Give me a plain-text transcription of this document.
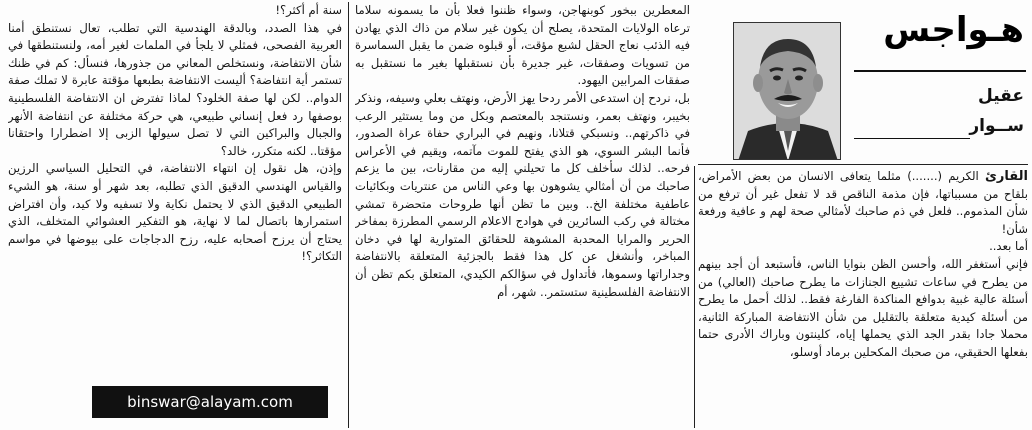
هـواجس
عقيل
ســوار

القارئ الكريم (.......) مثلما يتعافى الانسان من بعض الأمراض، بلقاح من مسبباتها، فإن مذمة الناقص قد لا تفعل غير أن ترفع من شأن المذموم.. فلعل في ذم صاحبك لأمثالي صحة لهم و عافية ورفعة شأن!

أما بعد..

فإني أستغفر الله، وأحسن الظن بنوايا الناس، فأستبعد أن أجد بينهم من يطرح في ساعات تشييع الجنازات ما يطرح صاحبك (العالي) من أسئلة عالية غبية بدوافع المناكدة الفارغة فقط.. لذلك أحمل ما يطرح من أسئلة كيدية متعلقة بالتقليل من شأن الانتفاضة المباركة الثانية، محملا جادا بقدر الجد الذي يحملها إياه، كلينتون وباراك الأدرى حتما بفعلها الحقيقي، من صحبك المكحلين برماد أوسلو،

المعطرين ببخور كوبنهاجن، وسواء ظننوا فعلا بأن ما يسمونه سلاما ترعاه الولايات المتحدة، يصلح أن يكون غير سلام من ذاك الذي يهادن فيه الذئب نعاج الحقل لشبع مؤقت، أو قبلوه ضمن ما يقبل السماسرة من تسويات وصفقات، غير جديرة بأن نستقبلها بغير ما نستقبل به صفقات المرابين اليهود.

بل، نردح إن استدعى الأمر ردحا يهز الأرض، ونهتف بعلي وسيفه، ونذكر بخيبر، ونهتف بعمر، ونستنجد بالمعتصم وبكل من وما يستثير الرعب في ذاكرتهم.. ونسبكي قتلانا، ونهيم في البراري حفاة عراة الصدور، فأنما البشر السوي، هو الذي يفتح للموت مآتمه، ويقيم في الأعراس فرحه.. لذلك سأخلف كل ما تحيلني إليه من مقارنات، بين ما يزعم صاحبك من أن أمثالي يشوهون بها وعي الناس من عنتريات وبكائيات عاطفية مختلفة الخ.. وبين ما تظن أنها طروحات متحضرة تمشي مختالة في ركب السائرين في هوادج الاعلام الرسمي المطرزة بمفاخر الحرير والمرايا المحدبة المشوهة للحقائق المتوارية لها في دخان المباخر، وأنشغل عن كل هذا فقط بالجزئية المتعلقة بالانتفاضة وجداراتها وسموها، فأتداول في سؤالكم الكيدي، المتعلق بكم تظن أن الانتفاضة الفلسطينية ستستمر.. شهر، أم

سنة أم أكثر؟!

في هذا الصدد، وبالدقة الهندسية التي تطلب، تعال نستنطق أمنا العربية الفصحى، فمثلي لا يلجأ في الملمات لغير أمه، ولنستنطقها في شأن الانتفاضة، ونستخلص المعاني من جذورها، فنسأل: كم في ظنك تستمر أية انتفاضة؟ أليست الانتفاضة بطبعها مؤقتة عابرة لا تملك صفة الدوام.. لكن لها صفة الخلود؟ لماذا تفترض ان الانتفاضة الفلسطينية بوصفها رد فعل إنساني طبيعي، هي حركة مختلفة عن انتفاضة الأنهر والجبال والبراكين التي لا تصل سيولها الزبى إلا اضطرارا واحتقانا مؤقتا.. لكنه متكرر، خالد؟

وإذن، هل نقول إن انتهاء الانتفاضة، في التحليل السياسي الرزين والقياس الهندسي الدقيق الذي تطلبه، بعد شهر أو سنة، هو الشيء الطبيعي الدقيق الذي لا يحتمل نكاية ولا تسفيه ولا كيد، وأن افتراض استمرارها باتصال لما لا نهاية، هو التفكير العشوائي المتخلف، الذي يحتاج أن يرزح أصحابه عليه، رزح الدجاجات على بيوضها في مواسم التكاثر؟!

binswar@alayam.com
